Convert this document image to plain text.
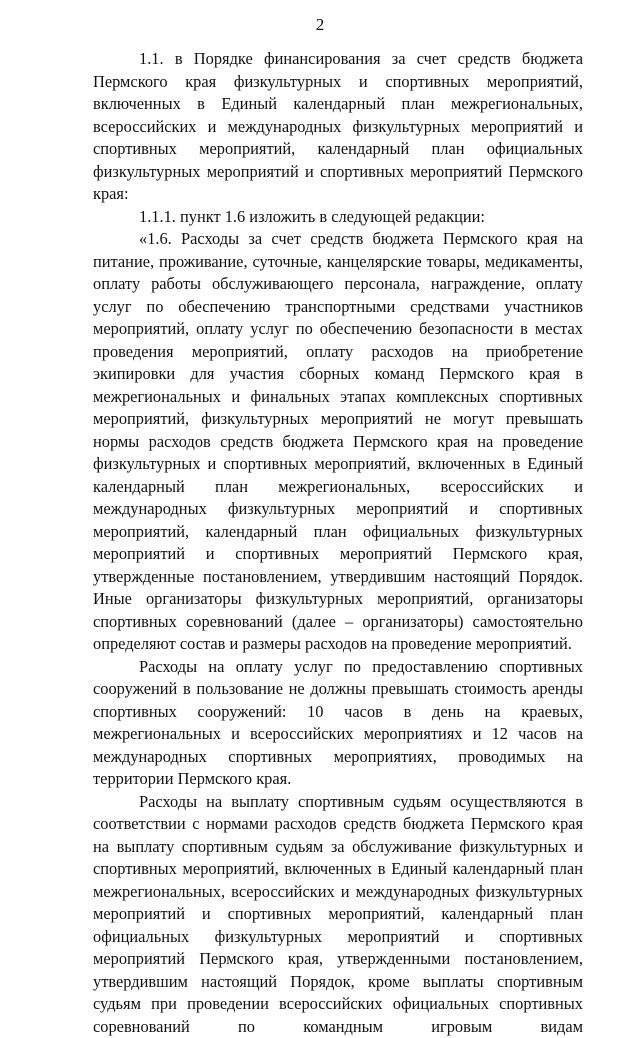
2

1.1. в Порядке финансирования за счет средств бюджета Пермского края физкультурных и спортивных мероприятий, включенных в Единый календарный план межрегиональных, всероссийских и международных физкультурных мероприятий и спортивных мероприятий, календарный план официальных физкультурных мероприятий и спортивных мероприятий Пермского края:

1.1.1. пункт 1.6 изложить в следующей редакции:

«1.6. Расходы за счет средств бюджета Пермского края на питание, проживание, суточные, канцелярские товары, медикаменты, оплату работы обслуживающего персонала, награждение, оплату услуг по обеспечению транспортными средствами участников мероприятий, оплату услуг по обеспечению безопасности в местах проведения мероприятий, оплату расходов на приобретение экипировки для участия сборных команд Пермского края в межрегиональных и финальных этапах комплексных спортивных мероприятий, физкультурных мероприятий не могут превышать нормы расходов средств бюджета Пермского края на проведение физкультурных и спортивных мероприятий, включенных в Единый календарный план межрегиональных, всероссийских и международных физкультурных мероприятий и спортивных мероприятий, календарный план официальных физкультурных мероприятий и спортивных мероприятий Пермского края, утвержденные постановлением, утвердившим настоящий Порядок. Иные организаторы физкультурных мероприятий, организаторы спортивных соревнований (далее – организаторы) самостоятельно определяют состав и размеры расходов на проведение мероприятий.

Расходы на оплату услуг по предоставлению спортивных сооружений в пользование не должны превышать стоимость аренды спортивных сооружений: 10 часов в день на краевых, межрегиональных и всероссийских мероприятиях и 12 часов на международных спортивных мероприятиях, проводимых на территории Пермского края.

Расходы на выплату спортивным судьям осуществляются в соответствии с нормами расходов средств бюджета Пермского края на выплату спортивным судьям за обслуживание физкультурных и спортивных мероприятий, включенных в Единый календарный план межрегиональных, всероссийских и международных физкультурных мероприятий и спортивных мероприятий, календарный план официальных физкультурных мероприятий и спортивных мероприятий Пермского края, утвержденными постановлением, утвердившим настоящий Порядок, кроме выплаты спортивным судьям при проведении всероссийских официальных спортивных соревнований по командным игровым видам
